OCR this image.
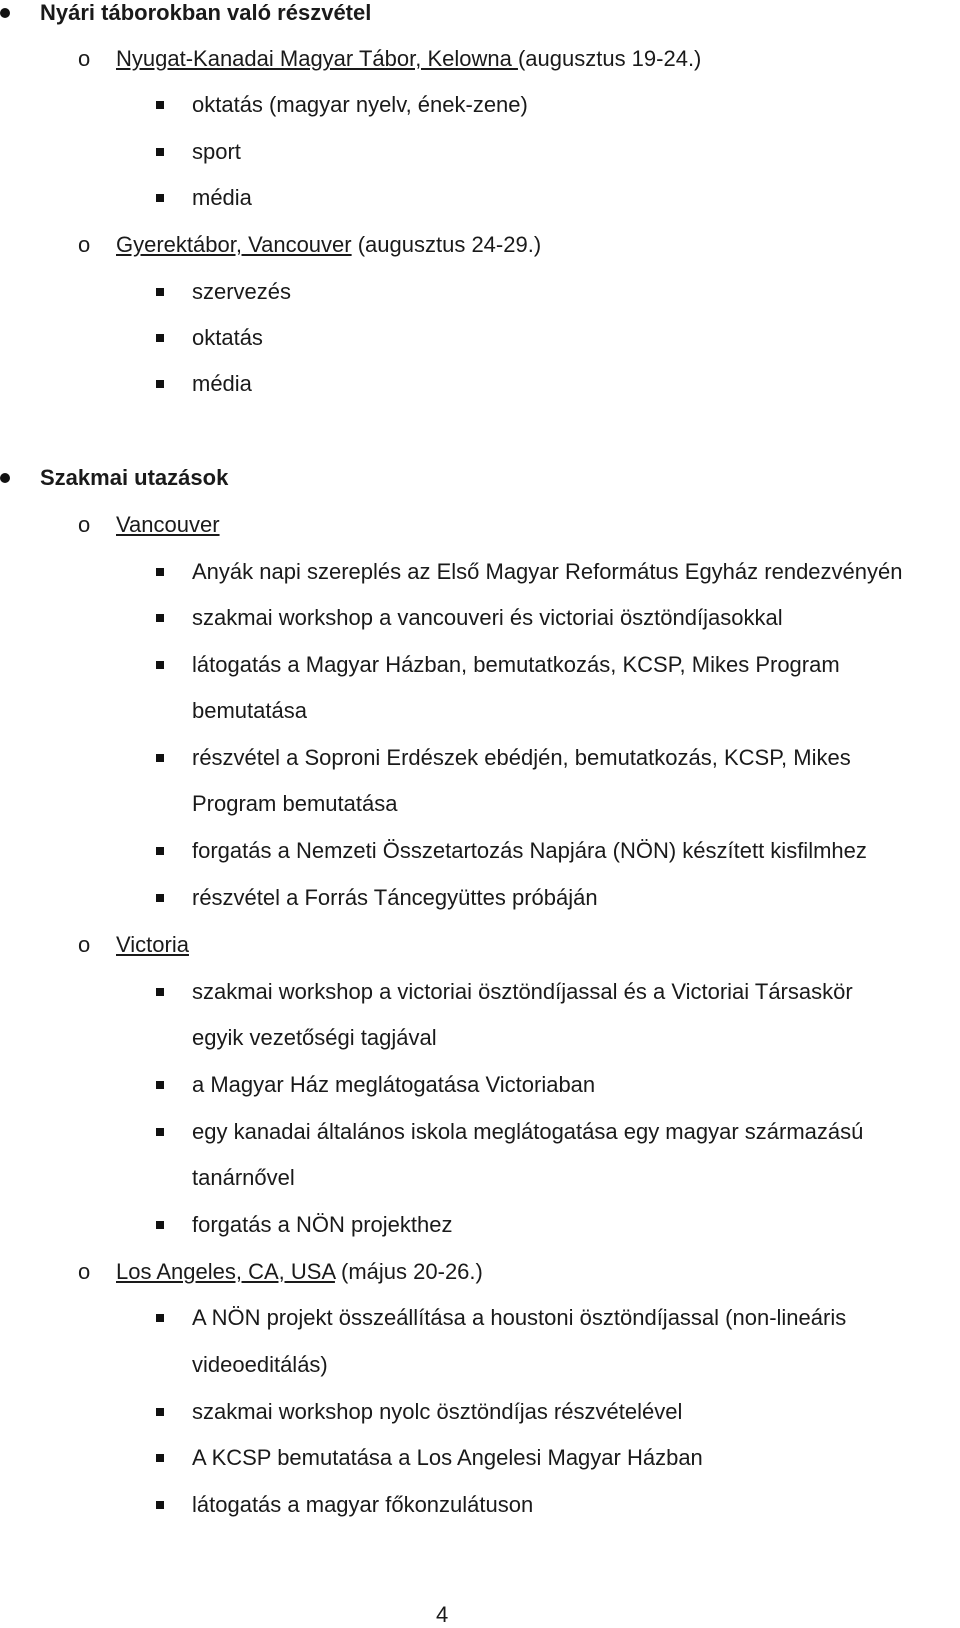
Nyári táborokban való részvétel
o Nyugat-Kanadai Magyar Tábor, Kelowna (augusztus 19-24.)
oktatás (magyar nyelv, ének-zene)
sport
média
o Gyerektábor, Vancouver (augusztus 24-29.)
szervezés
oktatás
média
Szakmai utazások
o Vancouver
Anyák napi szereplés az Első Magyar Református Egyház rendezvényén
szakmai workshop a vancouveri és victoriai ösztöndíjasokkal
látogatás a Magyar Házban, bemutatkozás, KCSP, Mikes Program
bemutatása
részvétel a Soproni Erdészek ebédjén, bemutatkozás, KCSP, Mikes
Program bemutatása
forgatás a Nemzeti Összetartozás Napjára (NÖN) készített kisfilmhez
részvétel a Forrás Táncegyüttes próbáján
o Victoria
szakmai workshop a victoriai ösztöndíjassal és a Victoriai Társaskör
egyik vezetőségi tagjával
a Magyar Ház meglátogatása Victoriaban
egy kanadai általános iskola meglátogatása egy magyar származású
tanárnővel
forgatás a NÖN projekthez
o Los Angeles, CA, USA (május 20-26.)
A NÖN projekt összeállítása a houstoni ösztöndíjassal (non-lineáris
videoeditálás)
szakmai workshop nyolc ösztöndíjas részvételével
A KCSP bemutatása a Los Angelesi Magyar Házban
látogatás a magyar főkonzulátuson
4
